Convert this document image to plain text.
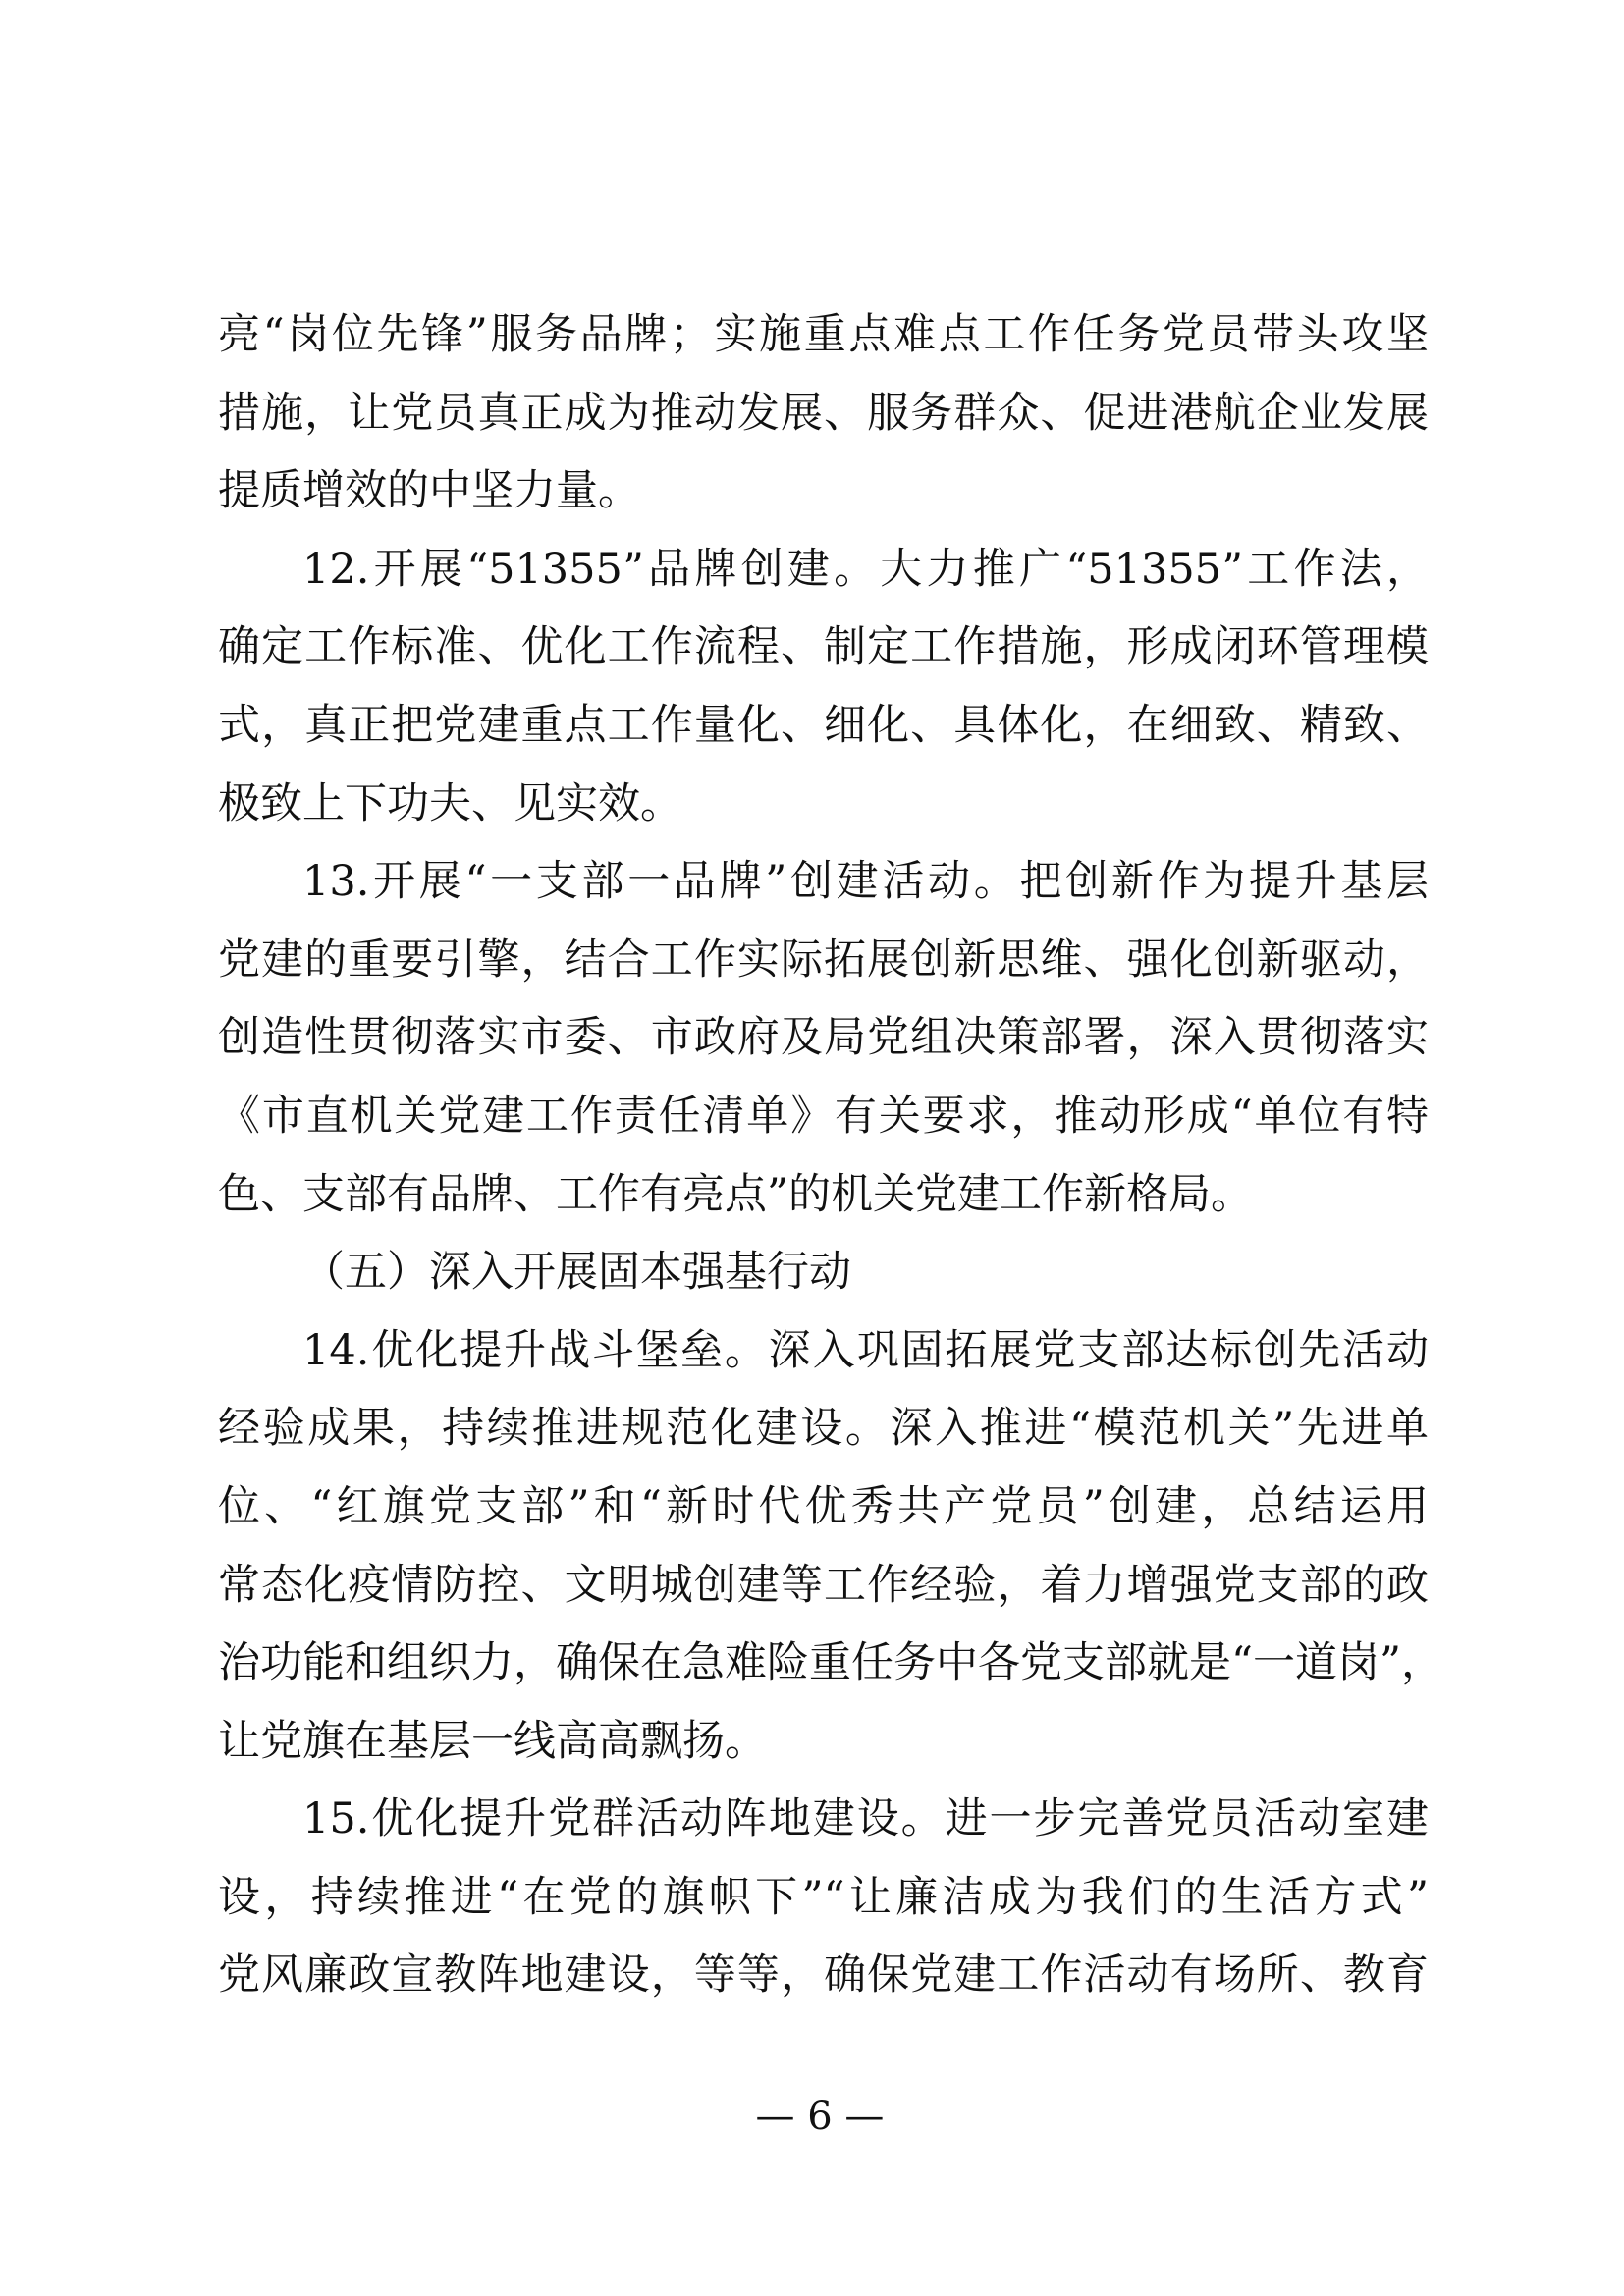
亮“岗位先锋”服务品牌；实施重点难点工作任务党员带头攻坚
措施，让党员真正成为推动发展、服务群众、促进港航企业发展
提质增效的中坚力量。
12.开展“51355”品牌创建。大力推广“51355”工作法，
确定工作标准、优化工作流程、制定工作措施，形成闭环管理模
式，真正把党建重点工作量化、细化、具体化，在细致、精致、
极致上下功夫、见实效。
13.开展“一支部一品牌”创建活动。把创新作为提升基层
党建的重要引擎，结合工作实际拓展创新思维、强化创新驱动，
创造性贯彻落实市委、市政府及局党组决策部署，深入贯彻落实
《市直机关党建工作责任清单》有关要求，推动形成“单位有特
色、支部有品牌、工作有亮点”的机关党建工作新格局。
（五）深入开展固本强基行动
14.优化提升战斗堡垒。深入巩固拓展党支部达标创先活动
经验成果，持续推进规范化建设。深入推进“模范机关”先进单
位、“红旗党支部”和“新时代优秀共产党员”创建，总结运用
常态化疫情防控、文明城创建等工作经验，着力增强党支部的政
治功能和组织力，确保在急难险重任务中各党支部就是“一道岗”，
让党旗在基层一线高高飘扬。
15.优化提升党群活动阵地建设。进一步完善党员活动室建
设，持续推进“在党的旗帜下”“让廉洁成为我们的生活方式”
党风廉政宣教阵地建设，等等，确保党建工作活动有场所、教育
— 6 —
